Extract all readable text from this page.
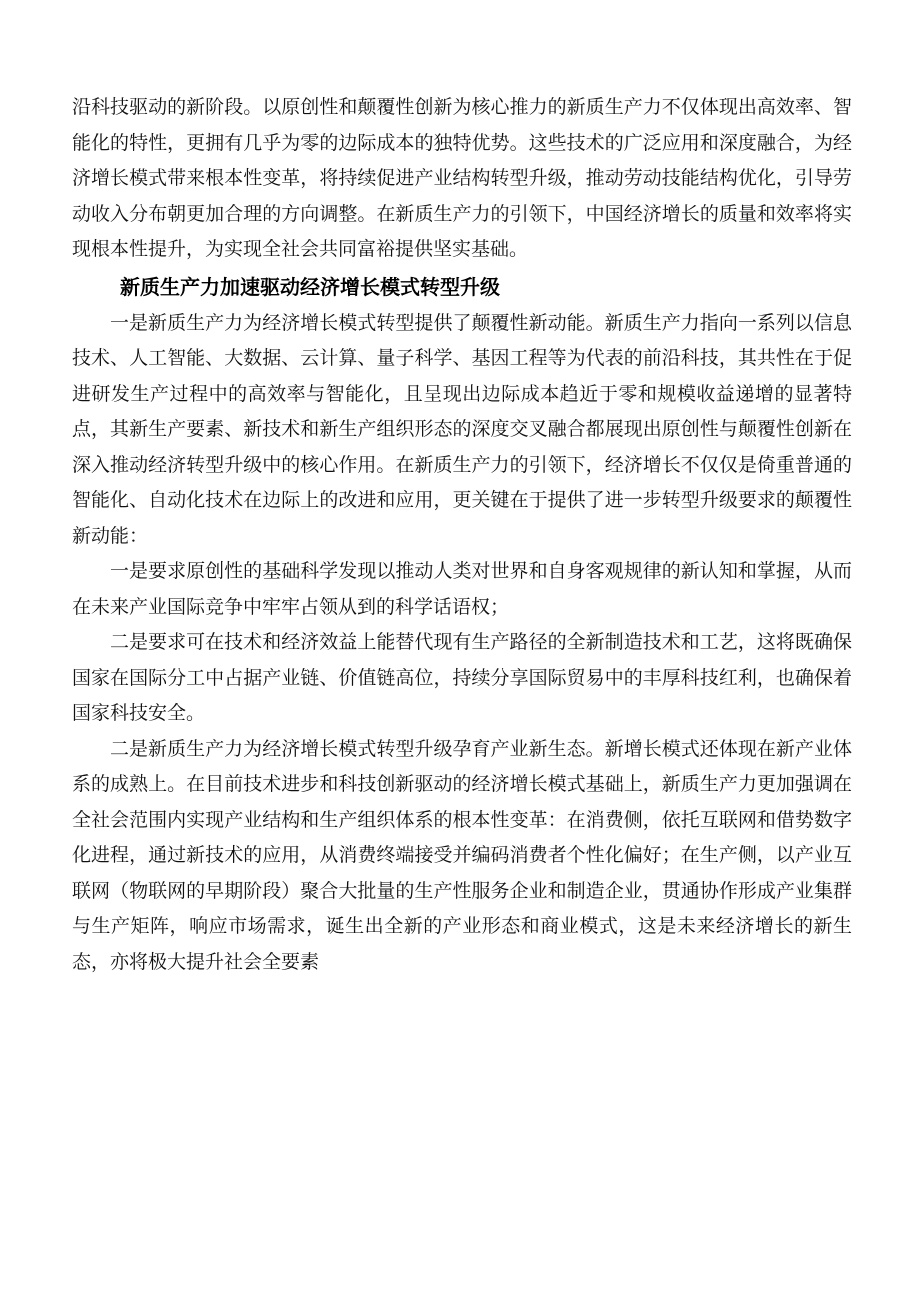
沿科技驱动的新阶段。以原创性和颠覆性创新为核心推力的新质生产力不仅体现出高效率、智能化的特性，更拥有几乎为零的边际成本的独特优势。这些技术的广泛应用和深度融合，为经济增长模式带来根本性变革，将持续促进产业结构转型升级，推动劳动技能结构优化，引导劳动收入分布朝更加合理的方向调整。在新质生产力的引领下，中国经济增长的质量和效率将实现根本性提升，为实现全社会共同富裕提供坚实基础。

新质生产力加速驱动经济增长模式转型升级

一是新质生产力为经济增长模式转型提供了颠覆性新动能。新质生产力指向一系列以信息技术、人工智能、大数据、云计算、量子科学、基因工程等为代表的前沿科技，其共性在于促进研发生产过程中的高效率与智能化，且呈现出边际成本趋近于零和规模收益递增的显著特点，其新生产要素、新技术和新生产组织形态的深度交叉融合都展现出原创性与颠覆性创新在深入推动经济转型升级中的核心作用。在新质生产力的引领下，经济增长不仅仅是倚重普通的智能化、自动化技术在边际上的改进和应用，更关键在于提供了进一步转型升级要求的颠覆性新动能：

一是要求原创性的基础科学发现以推动人类对世界和自身客观规律的新认知和掌握，从而在未来产业国际竞争中牢牢占领从到的科学话语权；

二是要求可在技术和经济效益上能替代现有生产路径的全新制造技术和工艺，这将既确保国家在国际分工中占据产业链、价值链高位，持续分享国际贸易中的丰厚科技红利，也确保着国家科技安全。

二是新质生产力为经济增长模式转型升级孕育产业新生态。新增长模式还体现在新产业体系的成熟上。在目前技术进步和科技创新驱动的经济增长模式基础上，新质生产力更加强调在全社会范围内实现产业结构和生产组织体系的根本性变革：在消费侧，依托互联网和借势数字化进程，通过新技术的应用，从消费终端接受并编码消费者个性化偏好；在生产侧，以产业互联网（物联网的早期阶段）聚合大批量的生产性服务企业和制造企业，贯通协作形成产业集群与生产矩阵，响应市场需求，诞生出全新的产业形态和商业模式，这是未来经济增长的新生态，亦将极大提升社会全要素
